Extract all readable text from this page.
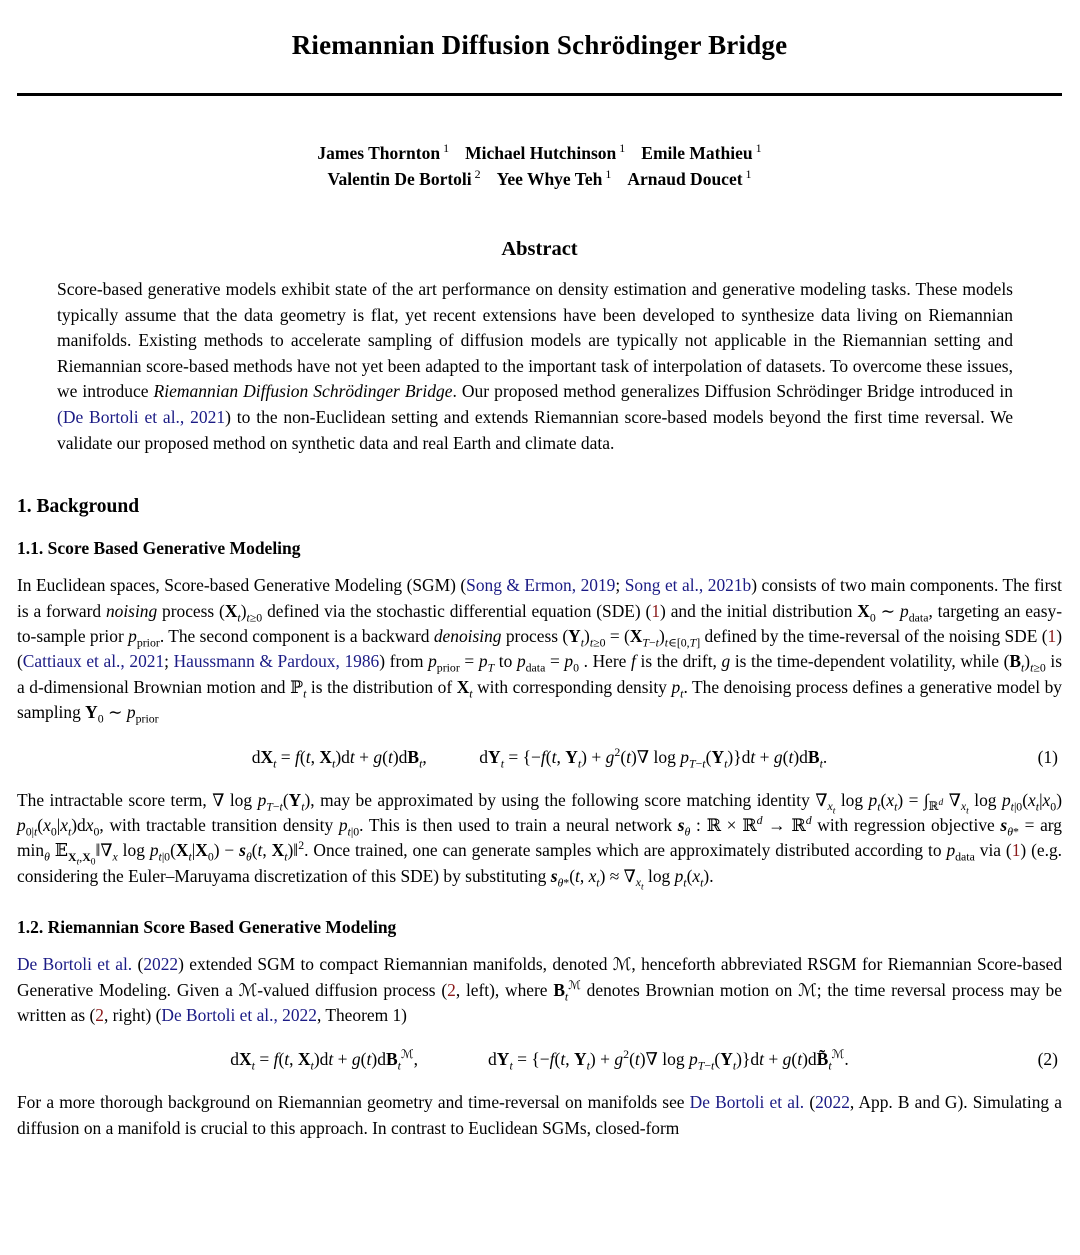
Riemannian Diffusion Schrödinger Bridge
James Thornton $^1$ Michael Hutchinson $^1$ Emile Mathieu $^1$
Valentin De Bortoli $^2$ Yee Whye Teh $^1$ Arnaud Doucet $^1$
Abstract
Score-based generative models exhibit state of the art performance on density estimation and generative modeling tasks. These models typically assume that the data geometry is flat, yet recent extensions have been developed to synthesize data living on Riemannian manifolds. Existing methods to accelerate sampling of diffusion models are typically not applicable in the Riemannian setting and Riemannian score-based methods have not yet been adapted to the important task of interpolation of datasets. To overcome these issues, we introduce Riemannian Diffusion Schrödinger Bridge. Our proposed method generalizes Diffusion Schrödinger Bridge introduced in (De Bortoli et al., 2021) to the non-Euclidean setting and extends Riemannian score-based models beyond the first time reversal. We validate our proposed method on synthetic data and real Earth and climate data.
1. Background
1.1. Score Based Generative Modeling

In Euclidean spaces, Score-based Generative Modeling (SGM) (Song & Ermon, 2019; Song et al., 2021b) consists of two main components. The first is a forward noising process $(X_t)_{t\ge 0}$ defined via the stochastic differential equation (SDE) (1) and the initial distribution $X_0$ ∼ $p_{data}$, targeting an easy-to-sample prior $p_{prior}$. The second component is a backward denoising process $(Y_t)_{t\ge 0} = (X_{T-t})_{t\in[0,T]}$ defined by the time-reversal of the noising SDE (1) (Cattiaux et al., 2021; Haussmann & Pardoux, 1986) from $p_{prior} = p_T$ to $p_{data} = p_0$ . Here f is the drift, g is the time-dependent volatility, while $(B_t)_{t\ge 0}$ is a d-dimensional Brownian motion and ℙ$_t$ is the distribution of $X_t$ with corresponding density $p_t$. The denoising process defines a generative model by sampling $Y_0$ ∼ $p_{prior}$

$dX_t = f(t$, $X_t)dt + g(t)dB_t$,   $dY_t = \{-f(t$, $Y_t) + g^2(t)\nabla$ $\log p_{T-t}(Y_t)\}dt + g(t)dB_t$.	(1)

The intractable score term, ∇ $\log p_{T-t}(Y_t)$, may be approximated by using the following score matching identity $\nabla_{x_t}$ $\log p_t(x_t) = \int_{ℝ^d}$ $\nabla_{x_t}$ $\log p_{t|0}(x_t|x_0)$ $p_{0|t}(x_0|x_t)dx_0$, with tractable transition density $p_{t|0}$. This is then used to train a neural network $s_\theta$ : ℝ × ℝ$^d$ → ℝ$^d$ with regression objective $s_{\theta*}$ = arg $\min_\theta$ $𝔼_{X_t,X_0}‖\nabla_x$ $\log p_{t|0}(X_t|X_0) - s_\theta(t$, $X_t)‖^2$. Once trained, one can generate samples which are approximately distributed according to $p_{data}$ via (1) (e.g. considering the Euler–Maruyama discretization of this SDE) by substituting $s_{\theta*}(t$, $x_t) \approx \nabla_{x_t}$ $\log p_t(x_t)$.

1.2. Riemannian Score Based Generative Modeling

De Bortoli et al. (2022) extended SGM to compact Riemannian manifolds, denoted ℳ, henceforth abbreviated RSGM for Riemannian Score-based Generative Modeling. Given a ℳ-valued diffusion process (2, left), where $B_t^ℳ$ denotes Brownian motion on ℳ; the time reversal process may be written as (2, right) (De Bortoli et al., 2022, Theorem 1)

$dX_t = f(t$, $X_t)dt + g(t)dB_t^ℳ$,    $dY_t = \{-f(t$, $Y_t) + g^2(t)\nabla$ $\log p_{T-t}(Y_t)\}dt$ + $g(t)dB̃_t^ℳ$.	(2)

For a more thorough background on Riemannian geometry and time-reversal on manifolds see De Bortoli et al. (2022, App. B and G). Simulating a diffusion on a manifold is crucial to this approach. In contrast to Euclidean SGMs, closed-form
